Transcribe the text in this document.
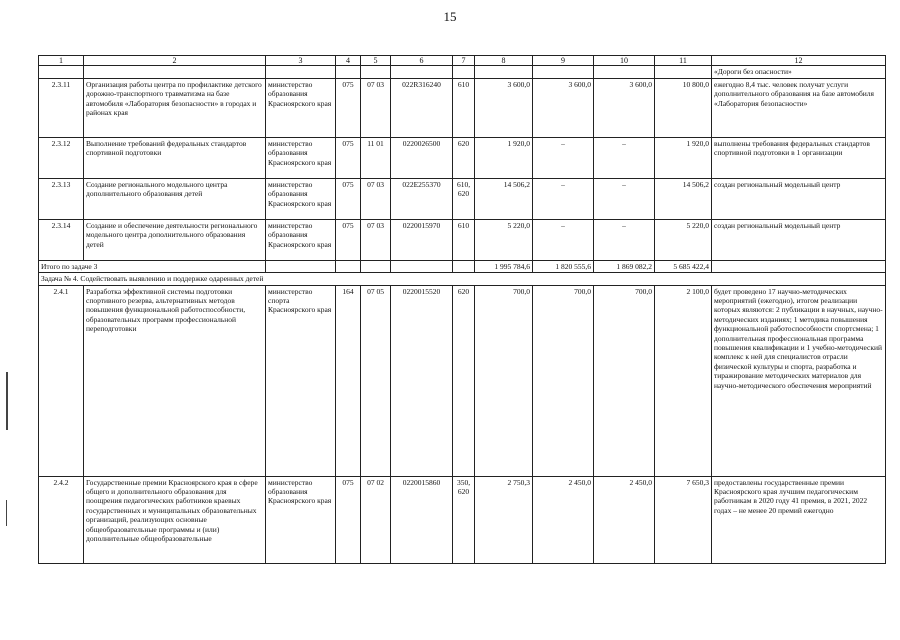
15
1	2	3	4	5	6	7	8	9	10	11	12
											«Дороги без опасности»
2.3.11	Организация работы центра по профилактике детского дорожно-транспортного травматизма на базе автомобиля «Лаборатория безопасности» в городах и районах края	министерство образования Красноярского края	075	07 03	022R316240	610	3 600,0	3 600,0	3 600,0	10 800,0	ежегодно 8,4 тыс. человек получат услуги дополнительного образования на базе автомобиля «Лаборатория безопасности»
2.3.12	Выполнение требований федеральных стандартов спортивной подготовки	министерство образования Красноярского края	075	11 01	0220026500	620	1 920,0	–	–	1 920,0	выполнены требования федеральных стандартов спортивной подготовки в 1 организации
2.3.13	Создание регионального модельного центра дополнительного образования детей	министерство образования Красноярского края	075	07 03	022E255370	610, 620	14 506,2	–	–	14 506,2	создан региональный модельный центр
2.3.14	Создание и обеспечение деятельности регионального модельного центра дополнительного образования детей	министерство образования Красноярского края	075	07 03	0220015970	610	5 220,0	–	–	5 220,0	создан региональный модельный центр
Итого по задаче 3							1 995 784,6	1 820 555,6	1 869 082,2	5 685 422,4	
Задача № 4. Содействовать выявлению и поддержке одаренных детей											
2.4.1	Разработка эффективной системы подготовки спортивного резерва, альтернативных методов повышения функциональной работоспособности, образовательных программ профессиональной переподготовки	министерство спорта Красноярского края	164	07 05	0220015520	620	700,0	700,0	700,0	2 100,0	будет проведено 17 научно-методических мероприятий (ежегодно), итогом реализации которых являются: 2 публикации в научных, научно-методических изданиях; 1 методика повышения функциональной работоспособности спортсмена; 1 дополнительная профессиональная программа повышения квалификации и 1 учебно-методический комплекс к ней для специалистов отрасли физической культуры и спорта, разработка и тиражирование методических материалов для научно-методического обеспечения мероприятий
2.4.2	Государственные премии Красноярского края в сфере общего и дополнительного образования для поощрения педагогических работников краевых государственных и муниципальных образовательных организаций, реализующих основные общеобразовательные программы и (или) дополнительные общеобразовательные	министерство образования Красноярского края	075	07 02	0220015860	350, 620	2 750,3	2 450,0	2 450,0	7 650,3	предоставлены государственные премии Красноярского края лучшим педагогическим работникам в 2020 году 41 премия, в 2021, 2022 годах – не менее 20 премий ежегодно
